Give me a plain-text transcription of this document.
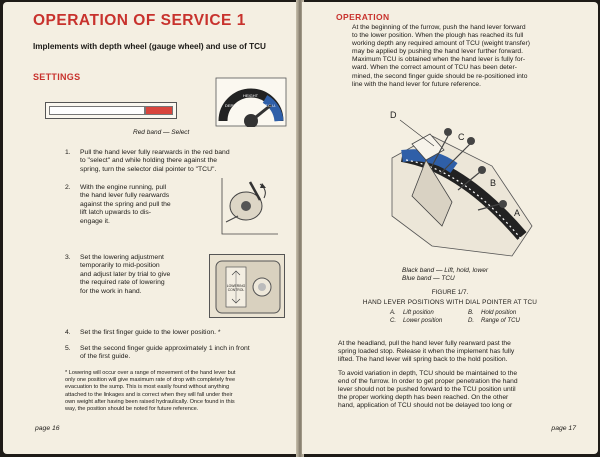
OPERATION OF SERVICE 1
Implements with depth wheel (gauge wheel) and use of TCU
SETTINGS
Red band — Select
DEPTH
HEIGHT
T.C.U.
1. Pull the hand lever fully rearwards in the red band
to "select" and while holding there against the
spring, turn the selector dial pointer to "TCU".
2. With the engine running, pull
the hand lever fully rearwards
against the spring and pull the
lift latch upwards to dis-
engage it.
3. Set the lowering adjustment
temporarily to mid-position
and adjust later by trial to give
the required rate of lowering
for the work in hand.
LOWERING CONTROL
4. Set the first finger guide to the lower position. *
5. Set the second finger guide approximately 1 inch in front
of the first guide.
* Lowering will occur over a range of movement of the hand lever but
only one position will give maximum rate of drop with completely free
evacuation to the sump. This is most easily found without anything
attached to the linkages and is correct when they will fall under their
own weight after having been raised hydraulically. Once found in this
way, the position should be noted for future reference.
page 16
OPERATION
At the beginning of the furrow, push the hand lever forward
to the lower position. When the plough has reached its full
working depth any required amount of TCU (weight transfer)
may be applied by pushing the hand lever further forward.
Maximum TCU is obtained when the hand lever is fully for-
ward. When the correct amount of TCU has been deter-
mined, the second finger guide should be re-positioned into
line with the hand lever for future reference.
D
C
B
A
Black band — Lift, hold, lower
Blue band — TCU
FIGURE 1/7.
HAND LEVER POSITIONS WITH DIAL POINTER AT TCU
A. Lift position
C. Lower position
B. Hold position
D. Range of TCU
At the headland, pull the hand lever fully rearward past the
spring loaded stop. Release it when the implement has fully
lifted. The hand lever will spring back to the hold position.
To avoid variation in depth, TCU should be maintained to the
end of the furrow. In order to get proper penetration the hand
lever should not be pushed forward to the TCU position until
the proper working depth has been reached. On the other
hand, application of TCU should not be delayed too long or
page 17
